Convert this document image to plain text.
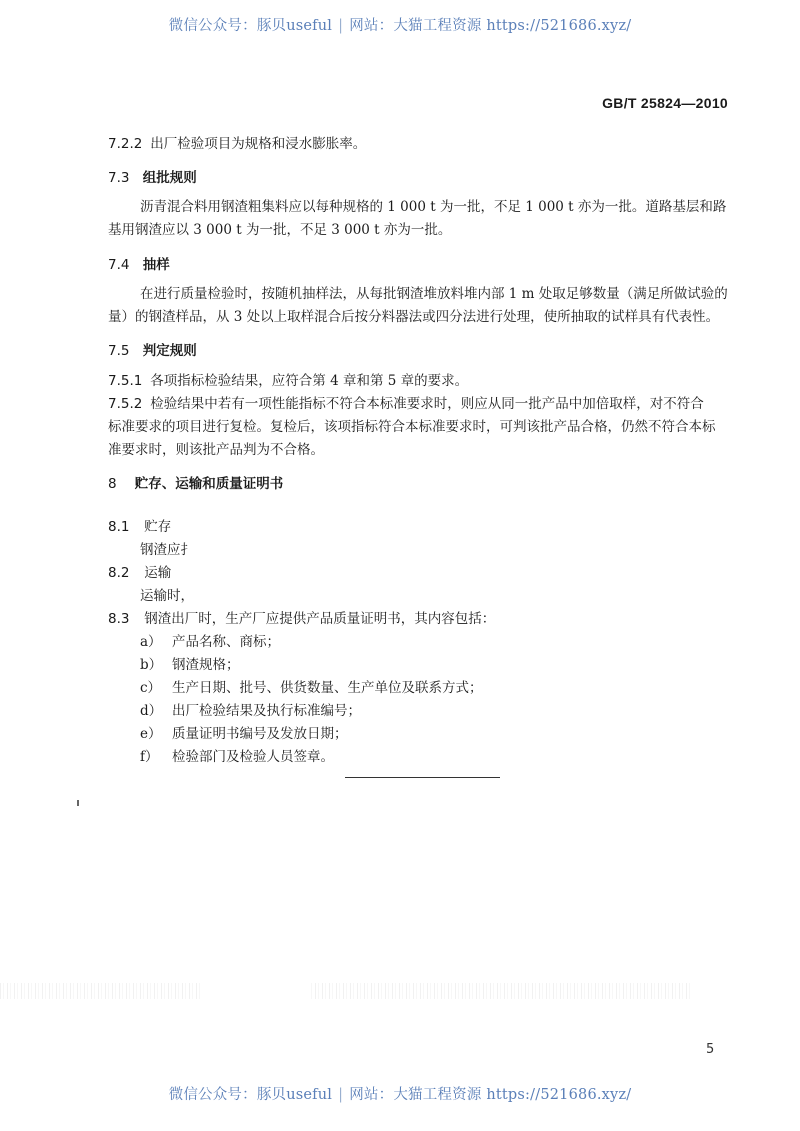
微信公众号：豚贝useful | 网站：大猫工程资源 https://521686.xyz/
GB/T 25824—2010
7.2.2 出厂检验项目为规格和浸水膨胀率。
7.3 组批规则
沥青混合料用钢渣粗集料应以每种规格的 1 000 t 为一批，不足 1 000 t 亦为一批。道路基层和路
基用钢渣应以 3 000 t 为一批，不足 3 000 t 亦为一批。
7.4 抽样
在进行质量检验时，按随机抽样法，从每批钢渣堆放料堆内部 1 m 处取足够数量（满足所做试验的
量）的钢渣样品，从 3 处以上取样混合后按分料器法或四分法进行处理，使所抽取的试样具有代表性。
7.5 判定规则
7.5.1 各项指标检验结果，应符合第 4 章和第 5 章的要求。
7.5.2 检验结果中若有一项性能指标不符合本标准要求时，则应从同一批产品中加倍取样，对不符合
标准要求的项目进行复检。复检后，该项指标符合本标准要求时，可判该批产品合格，仍然不符合本标
准要求时，则该批产品判为不合格。
8 贮存、运输和质量证明书
8.1 贮存
钢渣应扌
8.2 运输
运输时，
8.3 钢渣出厂时，生产厂应提供产品质量证明书，其内容包括：
a） 产品名称、商标；
b） 钢渣规格；
c） 生产日期、批号、供货数量、生产单位及联系方式；
d） 出厂检验结果及执行标准编号；
e） 质量证明书编号及发放日期；
f） 检验部门及检验人员签章。
5
微信公众号：豚贝useful | 网站：大猫工程资源 https://521686.xyz/
